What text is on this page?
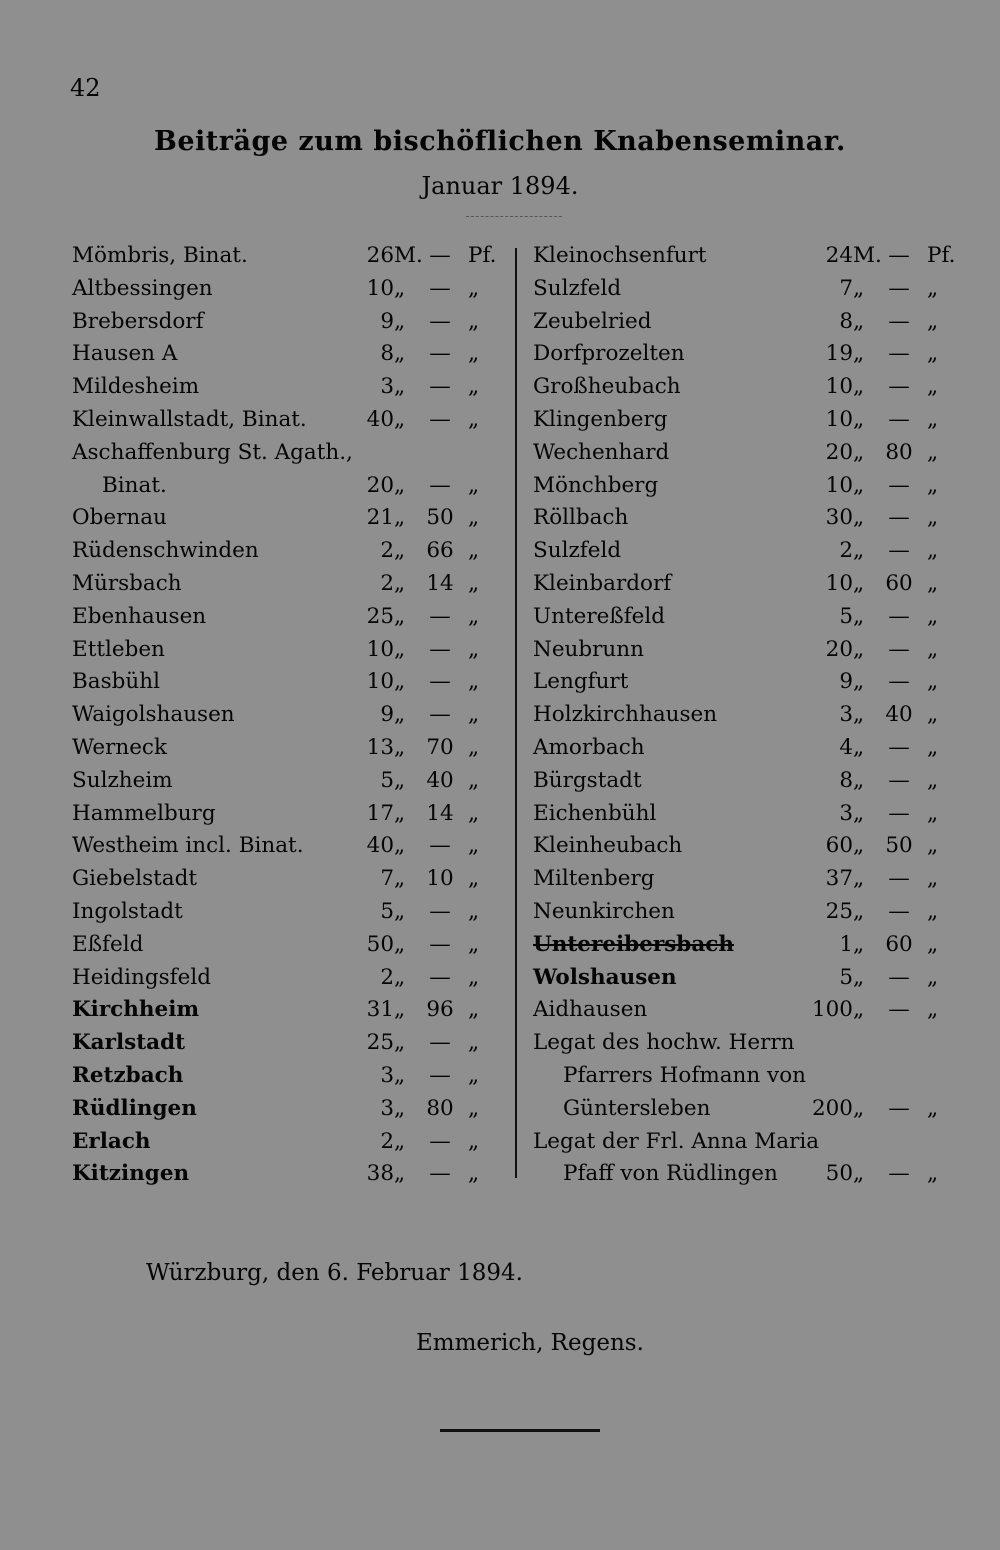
42
Beiträge zum bischöflichen Knabenseminar.
Januar 1894.
Mömbris, Binat.	26 M. — Pf.
Altbessingen	10 „	— „
Brebersdorf	9 „	— „
Hausen A	8 „	— „
Mildesheim	3 „	— „
Kleinwallstadt, Binat.	40 „	— „
Aschaffenburg St. Agath.,
Binat.	20 „	— „
Obernau	21 „ 50 „
Rüdenschwinden	2 „ 66 „
Mürsbach	2 „ 14 „
Ebenhausen	25 „	— „
Ettleben	10 „	— „
Basbühl	10 „	— „
Waigolshausen	9 „	— „
Werneck	13 „ 70 „
Sulzheim	5 „ 40 „
Hammelburg	17 „ 14 „
Westheim incl. Binat.	40 „	— „
Giebelstadt	7 „ 10 „
Ingolstadt	5 „	— „
Eßfeld	50 „	— „
Heidingsfeld	2 „	— „
Kirchheim	31 „ 96 „
Karlstadt	25 „	— „
Retzbach	3 „	— „
Rüdlingen	3 „ 80 „
Erlach	2 „	— „
Kitzingen	38 „	— „
Kleinochsenfurt	24 M. — Pf.
Sulzfeld	7 „	— „
Zeubelried	8 „	— „
Dorfprozelten	19 „	— „
Großheubach	10 „	— „
Klingenberg	10 „	— „
Wechenhard	20 „ 80 „
Mönchberg	10 „	— „
Röllbach	30 „	— „
Sulzfeld	2 „	— „
Kleinbardorf	10 „ 60 „
Untereßfeld	5 „	— „
Neubrunn	20 „	— „
Lengfurt	9 „	— „
Holzkirchhausen	3 „ 40 „
Amorbach	4 „	— „
Bürgstadt	8 „	— „
Eichenbühl	3 „	— „
Kleinheubach	60 „ 50 „
Miltenberg	37 „	— „
Neunkirchen	25 „	— „
Untereibersbach	1 „ 60 „
Wolshausen	5 „	— „
Aidhausen	100 „	— „
Legat des hochw. Herrn
Pfarrers Hofmann von
Güntersleben	200 „	— „
Legat der Frl. Anna Maria
Pfaff von Rüdlingen	50 „	— „
Würzburg, den 6. Februar 1894.
Emmerich, Regens.
